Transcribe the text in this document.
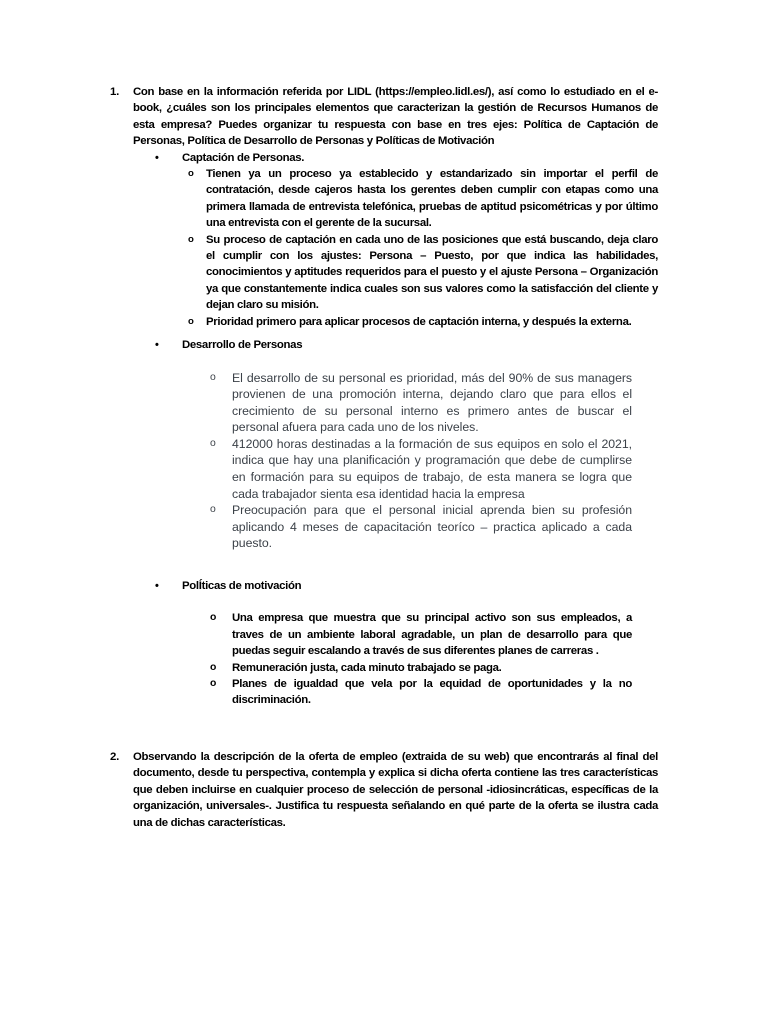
1. Con base en la información referida por LIDL (https://empleo.lidl.es/), así como lo estudiado en el e-book, ¿cuáles son los principales elementos que caracterizan la gestión de Recursos Humanos de esta empresa? Puedes organizar tu respuesta con base en tres ejes: Política de Captación de Personas, Política de Desarrollo de Personas y Políticas de Motivación
• Captación de Personas.
o Tienen ya un proceso ya establecido y estandarizado sin importar el perfil de contratación, desde cajeros hasta los gerentes deben cumplir con etapas como una primera llamada de entrevista telefónica, pruebas de aptitud psicométricas y por último una entrevista con el gerente de la sucursal.
o Su proceso de captación en cada uno de las posiciones que está buscando, deja claro el cumplir con los ajustes: Persona – Puesto, por que indica las habilidades, conocimientos y aptitudes requeridos para el puesto y el ajuste Persona – Organización ya que constantemente indica cuales son sus valores como la satisfacción del cliente y dejan claro su misión.
o Prioridad primero para aplicar procesos de captación interna, y después la externa.
• Desarrollo de Personas
o El desarrollo de su personal es prioridad, más del 90% de sus managers provienen de una promoción interna, dejando claro que para ellos el crecimiento de su personal interno es primero antes de buscar el personal afuera para cada uno de los niveles.
o 412000 horas destinadas a la formación de sus equipos en solo el 2021, indica que hay una planificación y programación que debe de cumplirse en formación para su equipos de trabajo, de esta manera se logra que cada trabajador sienta esa identidad hacia la empresa
o Preocupación para que el personal inicial aprenda bien su profesión aplicando 4 meses de capacitación teoríco – practica aplicado a cada puesto.
• PolÍticas de motivación
o Una empresa que muestra que su principal activo son sus empleados, a traves de un ambiente laboral agradable, un plan de desarrollo para que puedas seguir escalando a través de sus diferentes planes de carreras .
o Remuneración justa, cada minuto trabajado se paga.
o Planes de igualdad que vela por la equidad de oportunidades y la no discriminación.
2. Observando la descripción de la oferta de empleo (extraida de su web) que encontrarás al final del documento, desde tu perspectiva, contempla y explica si dicha oferta contiene las tres características que deben incluirse en cualquier proceso de selección de personal -idiosincráticas, específicas de la organización, universales-. Justifica tu respuesta señalando en qué parte de la oferta se ilustra cada una de dichas características.
